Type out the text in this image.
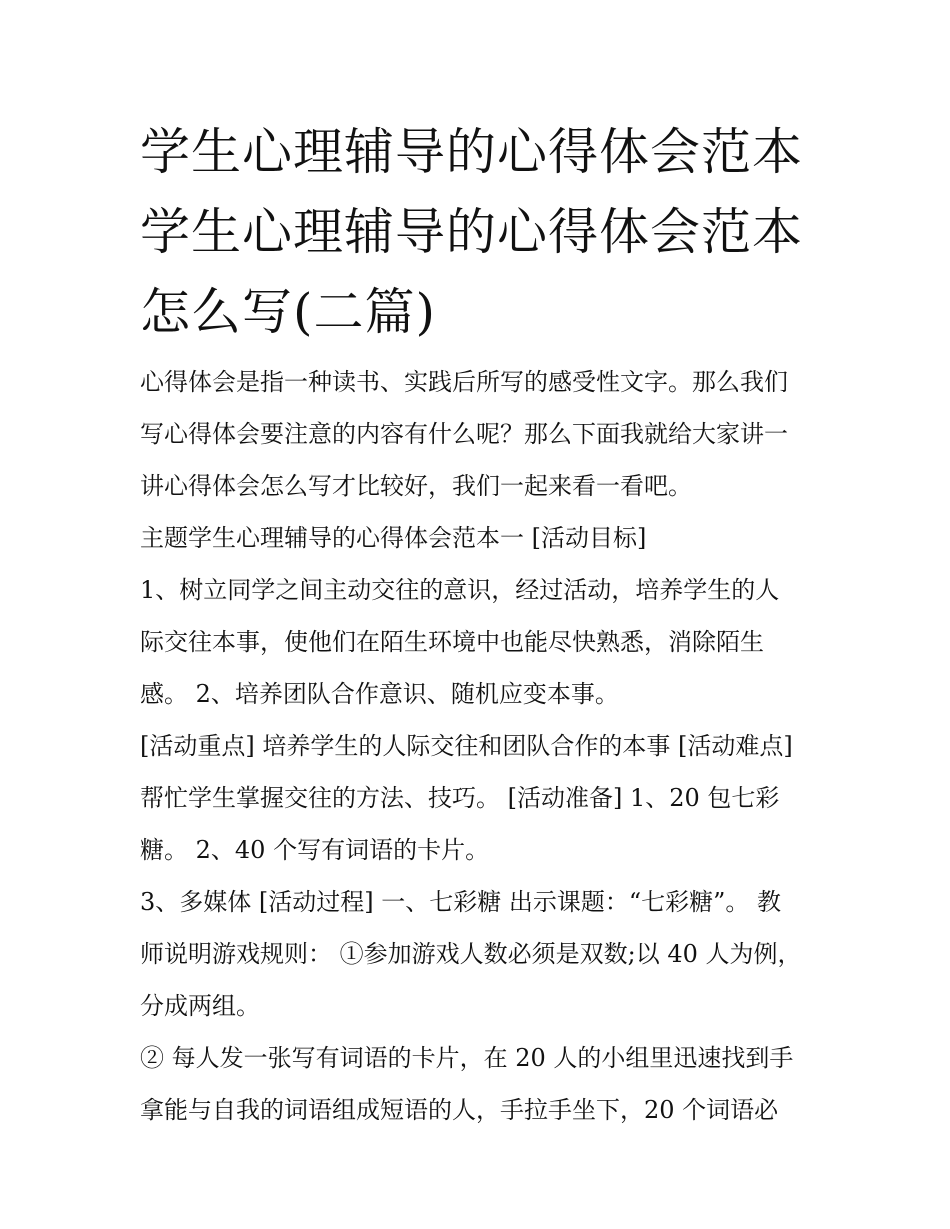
学生心理辅导的心得体会范本
学生心理辅导的心得体会范本
怎么写(二篇)

心得体会是指一种读书、实践后所写的感受性文字。那么我们
写心得体会要注意的内容有什么呢？那么下面我就给大家讲一
讲心得体会怎么写才比较好，我们一起来看一看吧。

主题学生心理辅导的心得体会范本一 [活动目标]

1、树立同学之间主动交往的意识，经过活动，培养学生的人
际交往本事，使他们在陌生环境中也能尽快熟悉，消除陌生
感。 2、培养团队合作意识、随机应变本事。

[活动重点] 培养学生的人际交往和团队合作的本事 [活动难点]
帮忙学生掌握交往的方法、技巧。 [活动准备] 1、20 包七彩
糖。 2、40 个写有词语的卡片。

3、多媒体 [活动过程] 一、七彩糖 出示课题：“七彩糖”。 教
师说明游戏规则： ①参加游戏人数必须是双数;以 40 人为例，
分成两组。

② 每人发一张写有词语的卡片，在 20 人的小组里迅速找到手
拿能与自我的词语组成短语的人，手拉手坐下，20 个词语必
